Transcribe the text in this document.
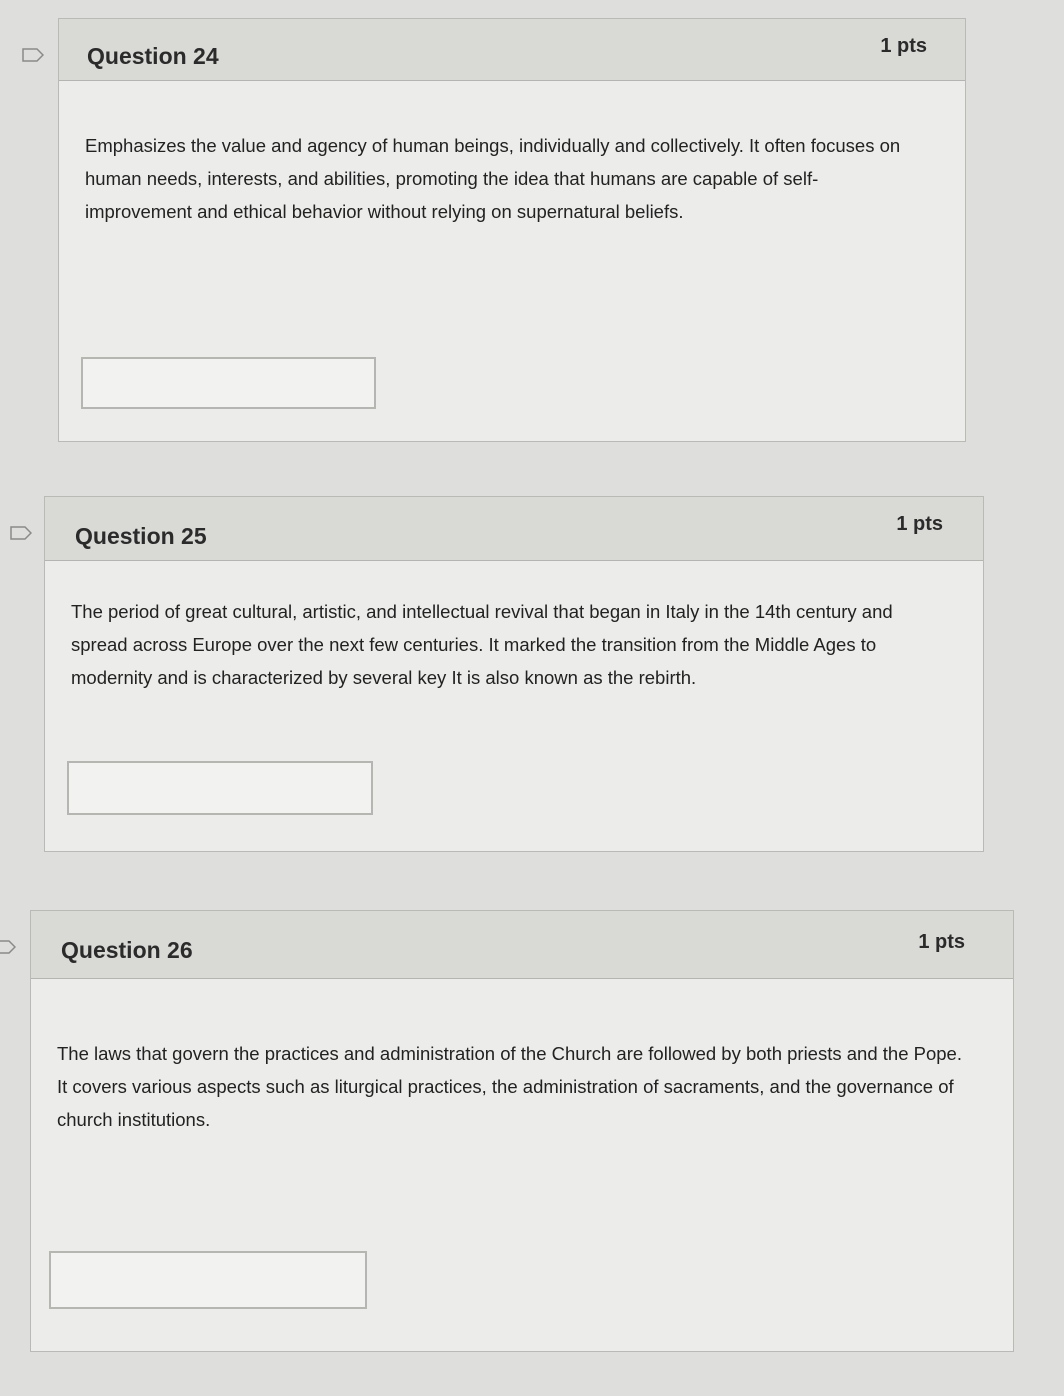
Question 24	1 pts
Emphasizes the value and agency of human beings, individually and collectively. It often focuses on human needs, interests, and abilities, promoting the idea that humans are capable of self-improvement and ethical behavior without relying on supernatural beliefs.
Question 25	1 pts
The period of great cultural, artistic, and intellectual revival that began in Italy in the 14th century and spread across Europe over the next few centuries. It marked the transition from the Middle Ages to modernity and is characterized by several key It is also known as the rebirth.
Question 26	1 pts
The laws that govern the practices and administration of the Church are followed by both priests and the Pope. It covers various aspects such as liturgical practices, the administration of sacraments, and the governance of church institutions.
